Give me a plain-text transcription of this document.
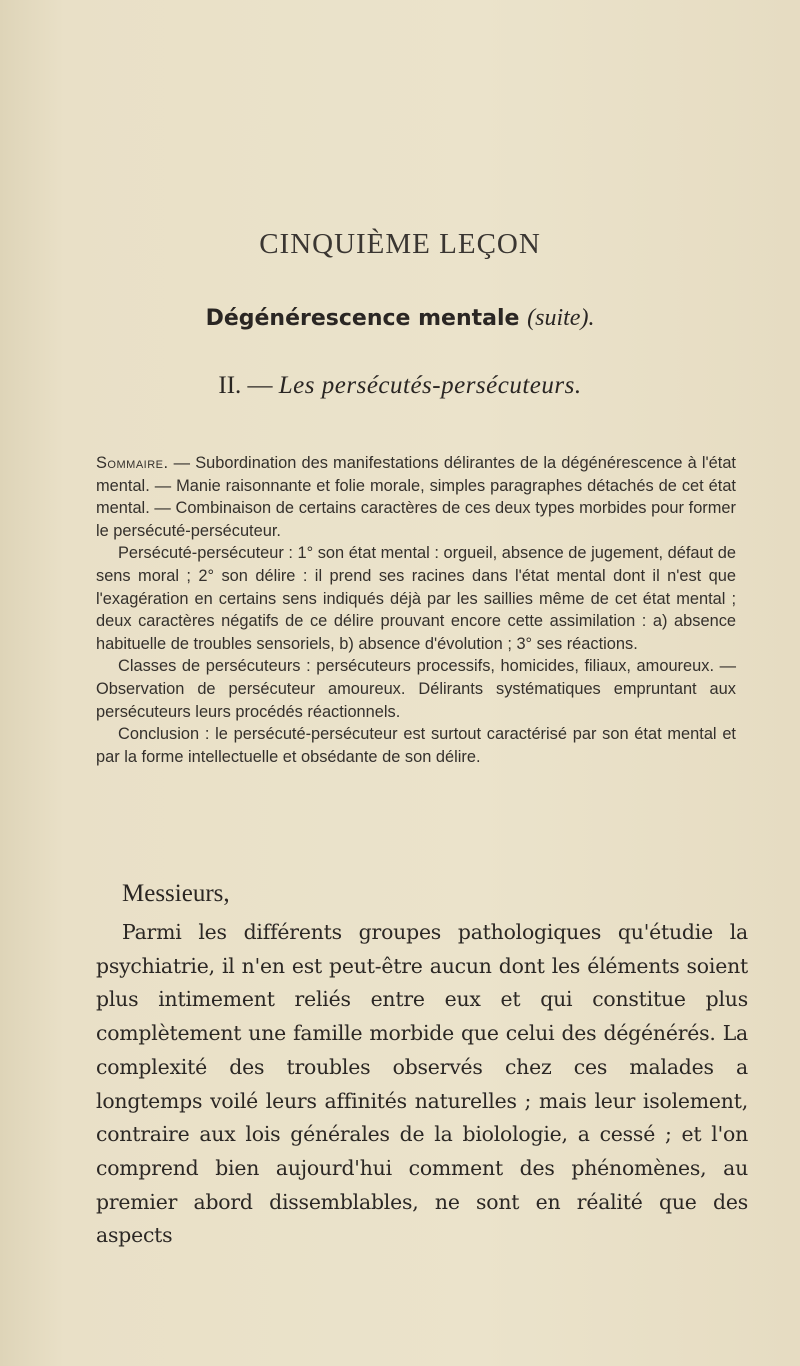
CINQUIÈME LEÇON
Dégénérescence mentale (suite).
II. — Les persécutés-persécuteurs.

Sommaire. — Subordination des manifestations délirantes de la dégénérescence à l'état mental. — Manie raisonnante et folie morale, simples paragraphes détachés de cet état mental. — Combinaison de certains caractères de ces deux types morbides pour former le persécuté-persécuteur.

Persécuté-persécuteur : 1° son état mental : orgueil, absence de jugement, défaut de sens moral ; 2° son délire : il prend ses racines dans l'état mental dont il n'est que l'exagération en certains sens indiqués déjà par les saillies même de cet état mental ; deux caractères négatifs de ce délire prouvant encore cette assimilation : a) absence habituelle de troubles sensoriels, b) absence d'évolution ; 3° ses réactions.

Classes de persécuteurs : persécuteurs processifs, homicides, filiaux, amoureux. — Observation de persécuteur amoureux. Délirants systématiques empruntant aux persécuteurs leurs procédés réactionnels.

Conclusion : le persécuté-persécuteur est surtout caractérisé par son état mental et par la forme intellectuelle et obsédante de son délire.

Messieurs,
Parmi les différents groupes pathologiques qu'étudie la psychiatrie, il n'en est peut-être aucun dont les éléments soient plus intimement reliés entre eux et qui constitue plus complètement une famille morbide que celui des dégénérés. La complexité des troubles observés chez ces malades a longtemps voilé leurs affinités naturelles ; mais leur isolement, contraire aux lois générales de la biolologie, a cessé ; et l'on comprend bien aujourd'hui comment des phénomènes, au premier abord dissemblables, ne sont en réalité que des aspects
